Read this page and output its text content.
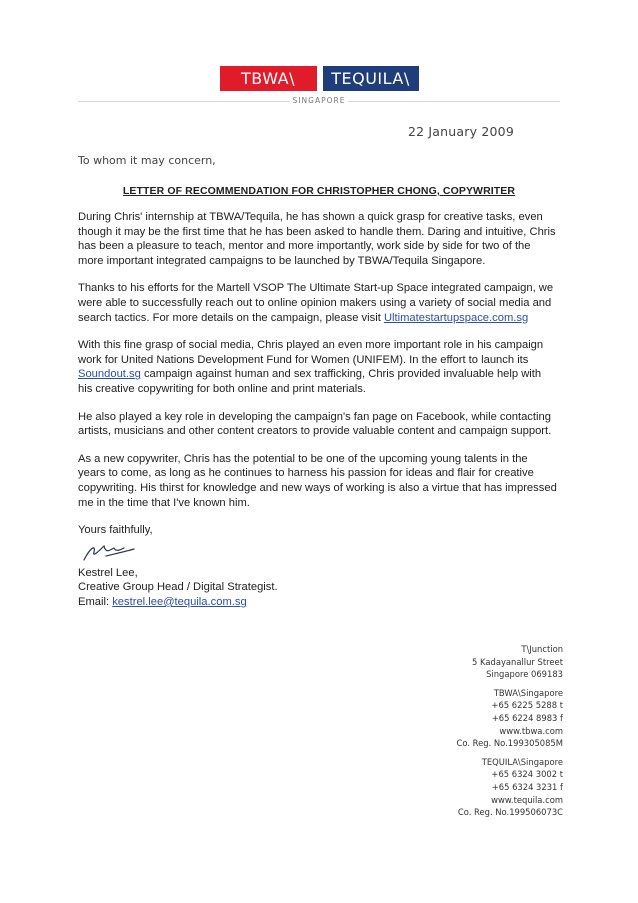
TBWA\	TEQUILA\
SINGAPORE
22 January 2009
To whom it may concern,
LETTER OF RECOMMENDATION FOR CHRISTOPHER CHONG, COPYWRITER

During Chris' internship at TBWA/Tequila, he has shown a quick grasp for creative tasks, even though it may be the first time that he has been asked to handle them. Daring and intuitive, Chris has been a pleasure to teach, mentor and more importantly, work side by side for two of the more important integrated campaigns to be launched by TBWA/Tequila Singapore.

Thanks to his efforts for the Martell VSOP The Ultimate Start-up Space integrated campaign, we were able to successfully reach out to online opinion makers using a variety of social media and search tactics. For more details on the campaign, please visit Ultimatestartupspace.com.sg

With this fine grasp of social media, Chris played an even more important role in his campaign work for United Nations Development Fund for Women (UNIFEM). In the effort to launch its Soundout.sg campaign against human and sex trafficking, Chris provided invaluable help with his creative copywriting for both online and print materials.

He also played a key role in developing the campaign's fan page on Facebook, while contacting artists, musicians and other content creators to provide valuable content and campaign support.

As a new copywriter, Chris has the potential to be one of the upcoming young talents in the years to come, as long as he continues to harness his passion for ideas and flair for creative copywriting. His thirst for knowledge and new ways of working is also a virtue that has impressed me in the time that I've known him.

Yours faithfully,

Kestrel Lee,

Creative Group Head / Digital Strategist.

Email: kestrel.lee@tequila.com.sg

T\Junction
5 Kadayanallur Street
Singapore 069183
TBWA\Singapore
+65 6225 5288 t
+65 6224 8983 f
www.tbwa.com
Co. Reg. No.199305085M
TEQUILA\Singapore
+65 6324 3002 t
+65 6324 3231 f
www.tequila.com
Co. Reg. No.199506073C
